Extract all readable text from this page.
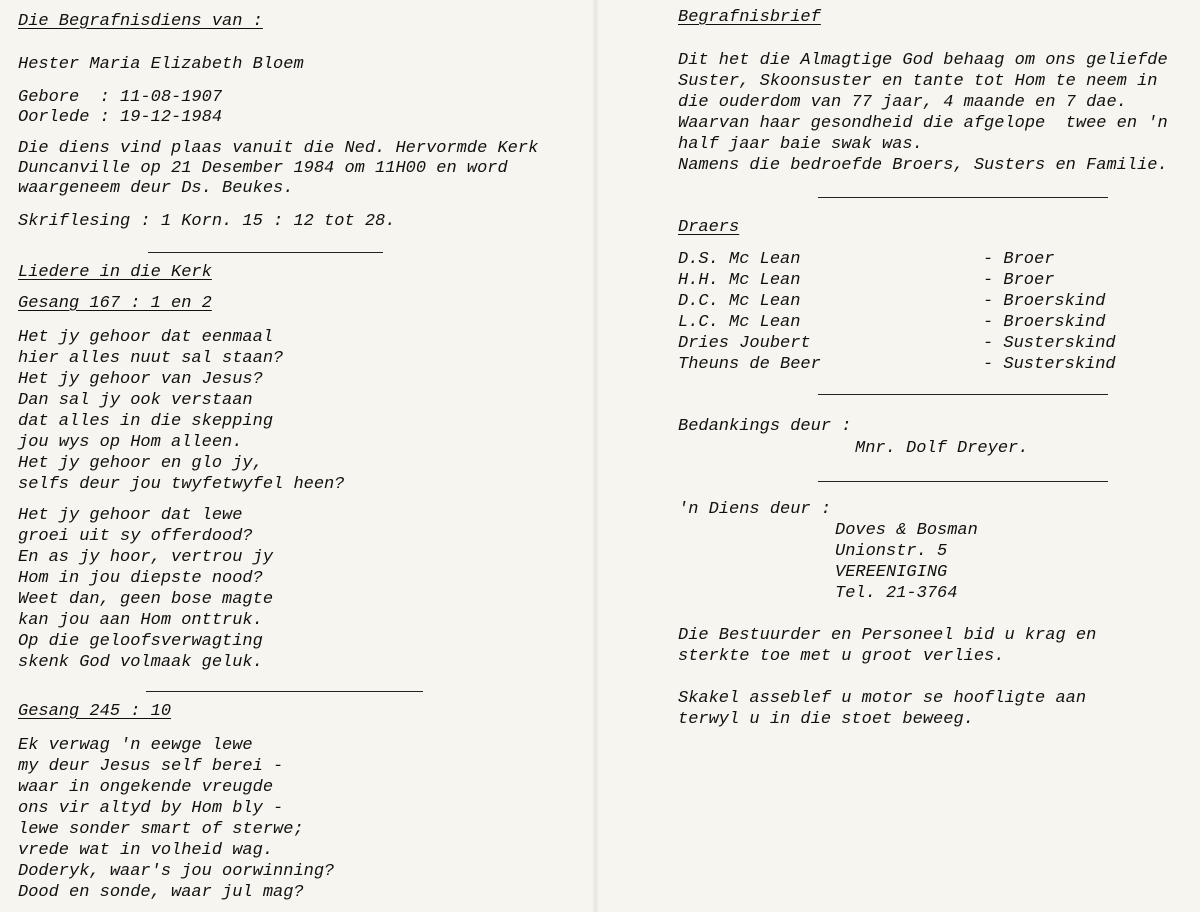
Die Begrafnisdiens van :
Hester Maria Elizabeth Bloem
Gebore  : 11-08-1907
Oorlede : 19-12-1984
Die diens vind plaas vanuit die Ned. Hervormde Kerk
Duncanville op 21 Desember 1984 om 11H00 en word
waargeneem deur Ds. Beukes.
Skriflesing : 1 Korn. 15 : 12 tot 28.
Liedere in die Kerk
Gesang 167 : 1 en 2
Het jy gehoor dat eenmaal
hier alles nuut sal staan?
Het jy gehoor van Jesus?
Dan sal jy ook verstaan
dat alles in die skepping
jou wys op Hom alleen.
Het jy gehoor en glo jy,
selfs deur jou twyfetwyfel heen?
Het jy gehoor dat lewe
groei uit sy offerdood?
En as jy hoor, vertrou jy
Hom in jou diepste nood?
Weet dan, geen bose magte
kan jou aan Hom onttruk.
Op die geloofsverwagting
skenk God volmaak geluk.
Gesang 245 : 10
Ek verwag 'n eewge lewe
my deur Jesus self berei -
waar in ongekende vreugde
ons vir altyd by Hom bly -
lewe sonder smart of sterwe;
vrede wat in volheid wag.
Doderyk, waar's jou oorwinning?
Dood en sonde, waar jul mag?
Begrafnisbrief
Dit het die Almagtige God behaag om ons geliefde
Suster, Skoonsuster en tante tot Hom te neem in
die ouderdom van 77 jaar, 4 maande en 7 dae.
Waarvan haar gesondheid die afgelope  twee en 'n
half jaar baie swak was.
Namens die bedroefde Broers, Susters en Familie.
Draers
D.S. Mc Lean	- Broer
H.H. Mc Lean	- Broer
D.C. Mc Lean	- Broerskind
L.C. Mc Lean	- Broerskind
Dries Joubert	- Susterskind
Theuns de Beer	- Susterskind
Bedankings deur :
Mnr. Dolf Dreyer.
'n Diens deur :
Doves & Bosman
Unionstr. 5
VEREENIGING
Tel. 21-3764
Die Bestuurder en Personeel bid u krag en
sterkte toe met u groot verlies.
Skakel asseblef u motor se hoofligte aan
terwyl u in die stoet beweeg.
